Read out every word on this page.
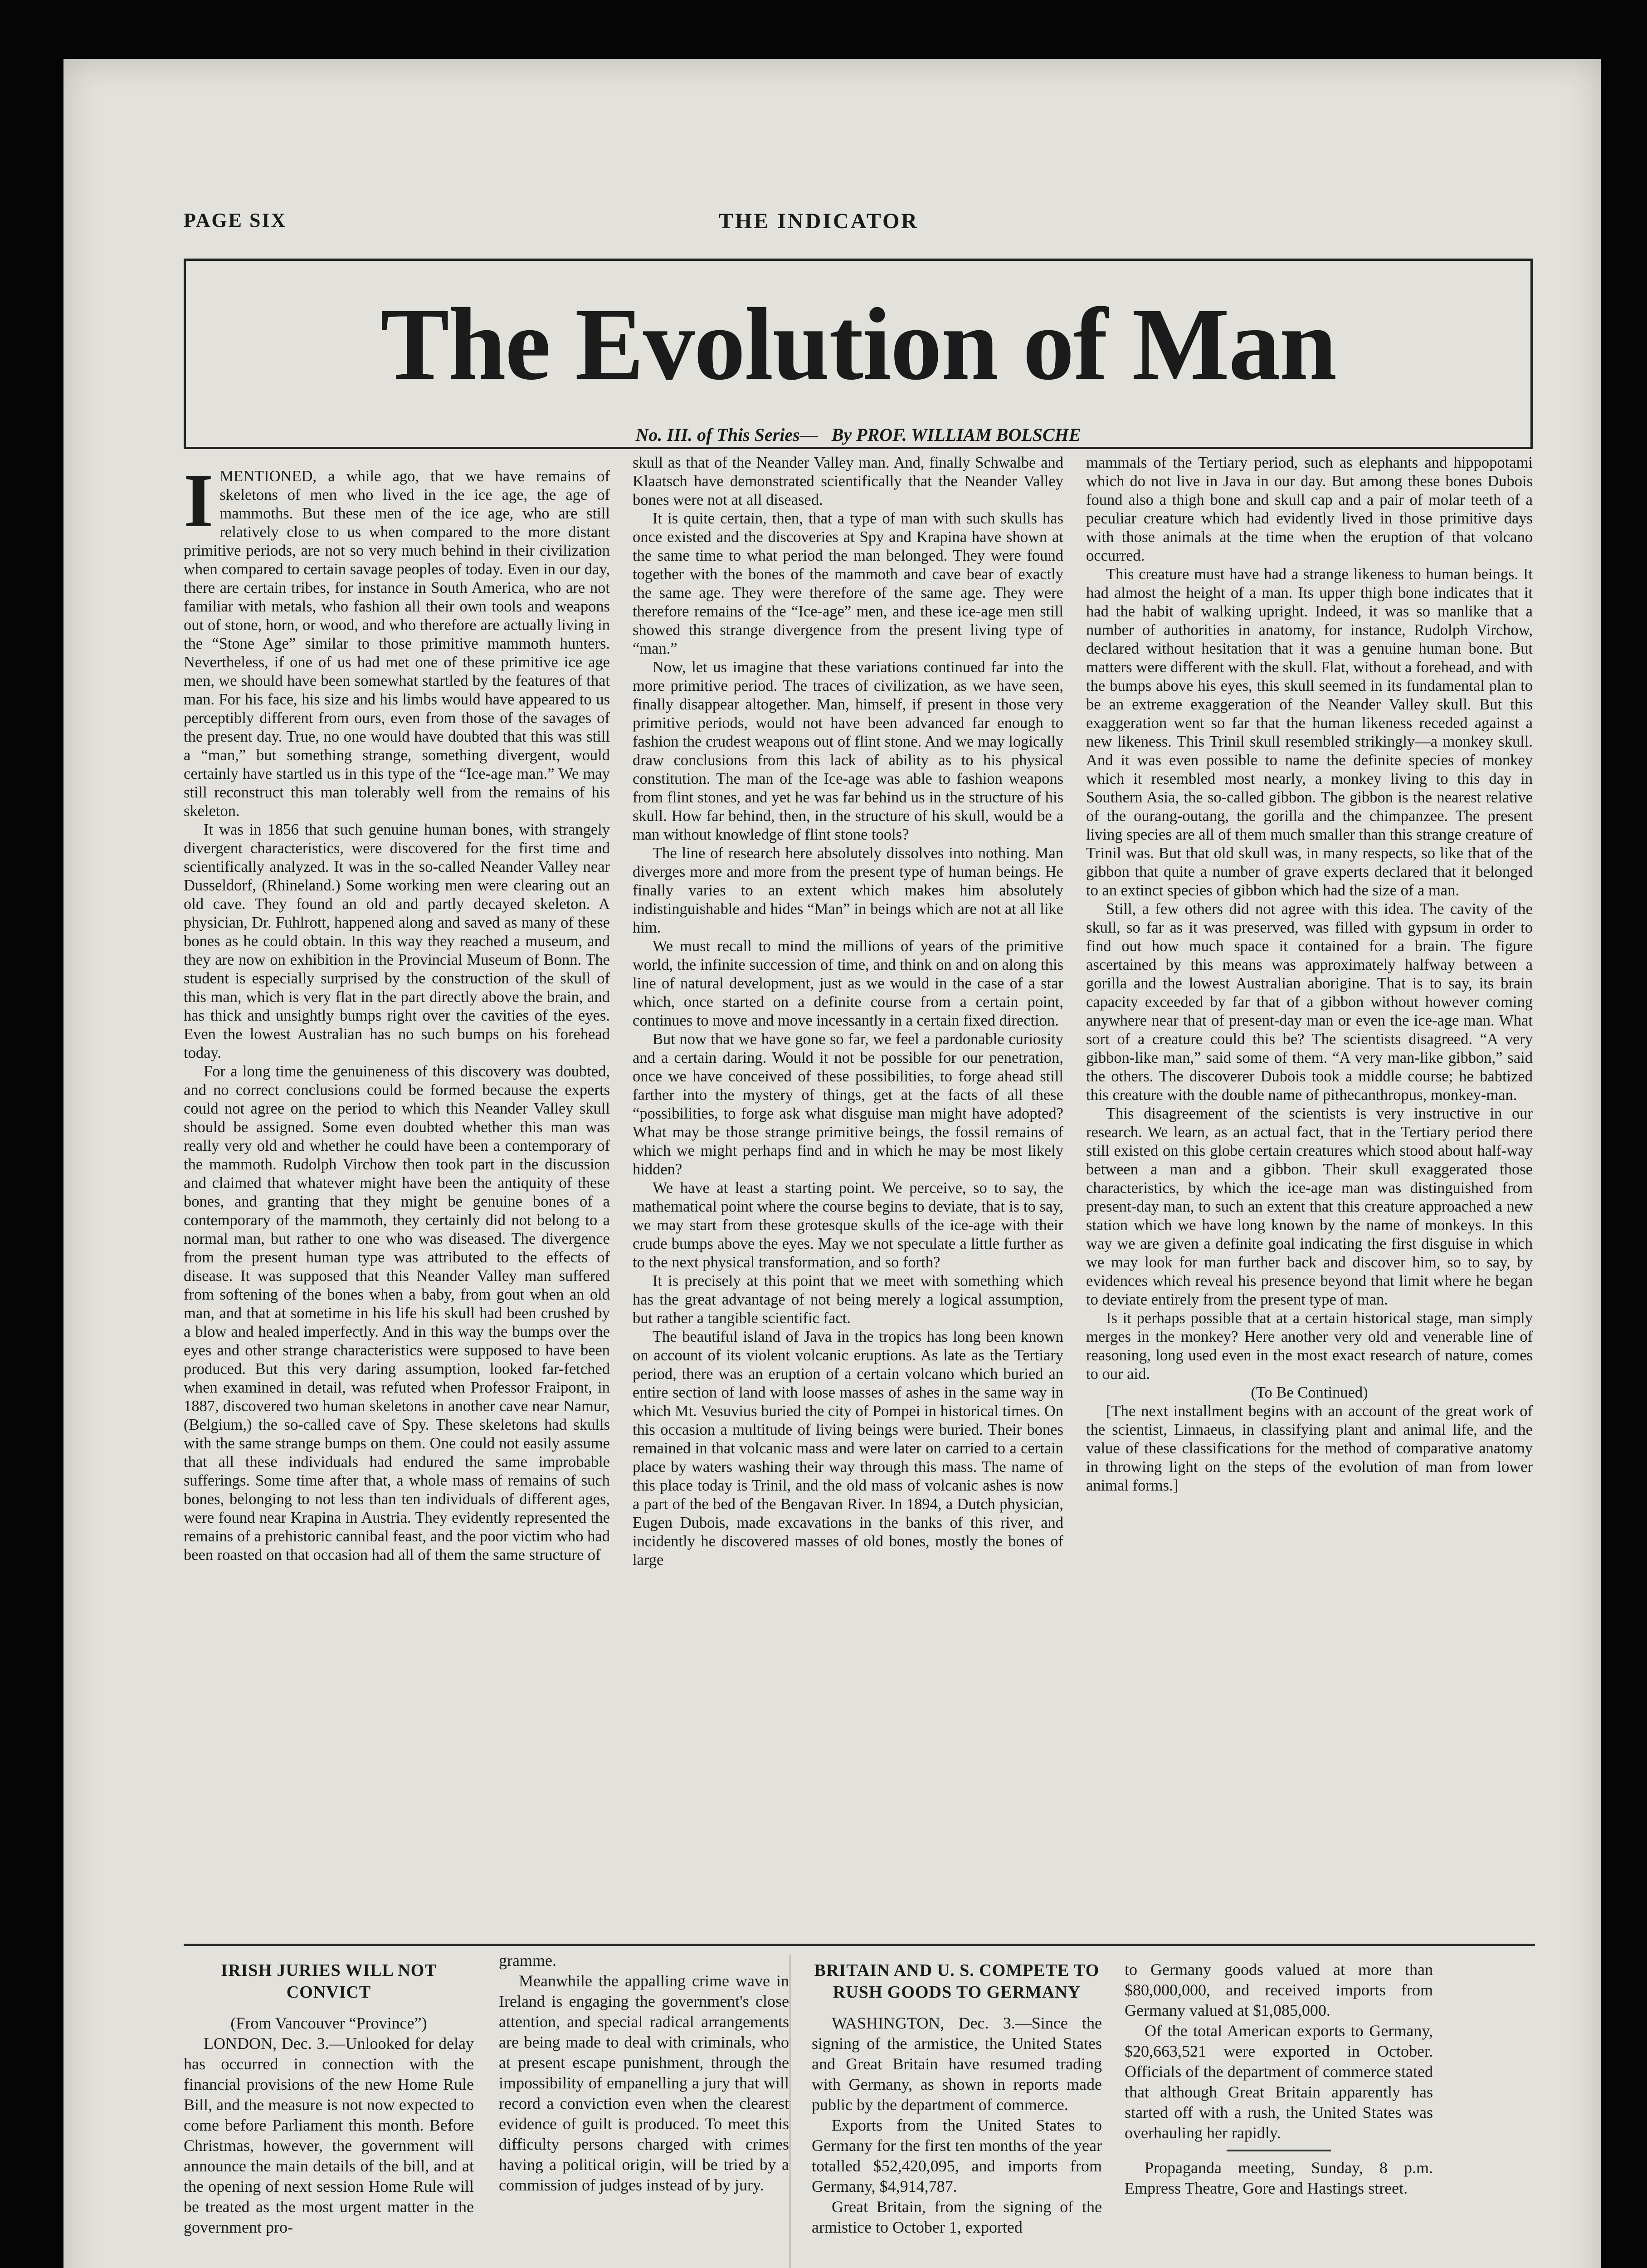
PAGE SIX	THE INDICATOR
The Evolution of Man
No. III. of This Series— By PROF. WILLIAM BOLSCHE

IMENTIONED, a while ago, that we have remains of skeletons of men who lived in the ice age, the age of mammoths. But these men of the ice age, who are still relatively close to us when compared to the more distant primitive periods, are not so very much behind in their civilization when compared to certain savage peoples of today. Even in our day, there are certain tribes, for instance in South America, who are not familiar with metals, who fashion all their own tools and weapons out of stone, horn, or wood, and who therefore are actually living in the “Stone Age” similar to those primitive mammoth hunters. Nevertheless, if one of us had met one of these primitive ice age men, we should have been somewhat startled by the features of that man. For his face, his size and his limbs would have appeared to us perceptibly different from ours, even from those of the savages of the present day. True, no one would have doubted that this was still a “man,” but something strange, something divergent, would certainly have startled us in this type of the “Ice-age man.” We may still reconstruct this man tolerably well from the remains of his skeleton.

It was in 1856 that such genuine human bones, with strangely divergent characteristics, were discovered for the first time and scientifically analyzed. It was in the so-called Neander Valley near Dusseldorf, (Rhineland.) Some working men were clearing out an old cave. They found an old and partly decayed skeleton. A physician, Dr. Fuhlrott, happened along and saved as many of these bones as he could obtain. In this way they reached a museum, and they are now on exhibition in the Provincial Museum of Bonn. The student is especially surprised by the construction of the skull of this man, which is very flat in the part directly above the brain, and has thick and unsightly bumps right over the cavities of the eyes. Even the lowest Australian has no such bumps on his forehead today.

For a long time the genuineness of this discovery was doubted, and no correct conclusions could be formed because the experts could not agree on the period to which this Neander Valley skull should be assigned. Some even doubted whether this man was really very old and whether he could have been a contemporary of the mammoth. Rudolph Virchow then took part in the discussion and claimed that whatever might have been the antiquity of these bones, and granting that they might be genuine bones of a contemporary of the mammoth, they certainly did not belong to a normal man, but rather to one who was diseased. The divergence from the present human type was attributed to the effects of disease. It was supposed that this Neander Valley man suffered from softening of the bones when a baby, from gout when an old man, and that at sometime in his life his skull had been crushed by a blow and healed imperfectly. And in this way the bumps over the eyes and other strange characteristics were supposed to have been produced. But this very daring assumption, looked far-fetched when examined in detail, was refuted when Professor Fraipont, in 1887, discovered two human skeletons in another cave near Namur, (Belgium,) the so-called cave of Spy. These skeletons had skulls with the same strange bumps on them. One could not easily assume that all these individuals had endured the same improbable sufferings. Some time after that, a whole mass of remains of such bones, belonging to not less than ten individuals of different ages, were found near Krapina in Austria. They evidently represented the remains of a prehistoric cannibal feast, and the poor victim who had been roasted on that occasion had all of them the same structure of

skull as that of the Neander Valley man. And, finally Schwalbe and Klaatsch have demonstrated scientifically that the Neander Valley bones were not at all diseased.

It is quite certain, then, that a type of man with such skulls has once existed and the discoveries at Spy and Krapina have shown at the same time to what period the man belonged. They were found together with the bones of the mammoth and cave bear of exactly the same age. They were therefore of the same age. They were therefore remains of the “Ice-age” men, and these ice-age men still showed this strange divergence from the present living type of “man.”

Now, let us imagine that these variations continued far into the more primitive period. The traces of civilization, as we have seen, finally disappear altogether. Man, himself, if present in those very primitive periods, would not have been advanced far enough to fashion the crudest weapons out of flint stone. And we may logically draw conclusions from this lack of ability as to his physical constitution. The man of the Ice-age was able to fashion weapons from flint stones, and yet he was far behind us in the structure of his skull. How far behind, then, in the structure of his skull, would be a man without knowledge of flint stone tools?

The line of research here absolutely dissolves into nothing. Man diverges more and more from the present type of human beings. He finally varies to an extent which makes him absolutely indistinguishable and hides “Man” in beings which are not at all like him.

We must recall to mind the millions of years of the primitive world, the infinite succession of time, and think on and on along this line of natural development, just as we would in the case of a star which, once started on a definite course from a certain point, continues to move and move incessantly in a certain fixed direction.

But now that we have gone so far, we feel a pardonable curiosity and a certain daring. Would it not be possible for our penetration, once we have conceived of these possibilities, to forge ahead still farther into the mystery of things, get at the facts of all these “possibilities, to forge ask what disguise man might have adopted? What may be those strange primitive beings, the fossil remains of which we might perhaps find and in which he may be most likely hidden?

We have at least a starting point. We perceive, so to say, the mathematical point where the course begins to deviate, that is to say, we may start from these grotesque skulls of the ice-age with their crude bumps above the eyes. May we not speculate a little further as to the next physical transformation, and so forth?

It is precisely at this point that we meet with something which has the great advantage of not being merely a logical assumption, but rather a tangible scientific fact.

The beautiful island of Java in the tropics has long been known on account of its violent volcanic eruptions. As late as the Tertiary period, there was an eruption of a certain volcano which buried an entire section of land with loose masses of ashes in the same way in which Mt. Vesuvius buried the city of Pompei in historical times. On this occasion a multitude of living beings were buried. Their bones remained in that volcanic mass and were later on carried to a certain place by waters washing their way through this mass. The name of this place today is Trinil, and the old mass of volcanic ashes is now a part of the bed of the Bengavan River. In 1894, a Dutch physician, Eugen Dubois, made excavations in the banks of this river, and incidently he discovered masses of old bones, mostly the bones of large

mammals of the Tertiary period, such as elephants and hippopotami which do not live in Java in our day. But among these bones Dubois found also a thigh bone and skull cap and a pair of molar teeth of a peculiar creature which had evidently lived in those primitive days with those animals at the time when the eruption of that volcano occurred.

This creature must have had a strange likeness to human beings. It had almost the height of a man. Its upper thigh bone indicates that it had the habit of walking upright. Indeed, it was so manlike that a number of authorities in anatomy, for instance, Rudolph Virchow, declared without hesitation that it was a genuine human bone. But matters were different with the skull. Flat, without a forehead, and with the bumps above his eyes, this skull seemed in its fundamental plan to be an extreme exaggeration of the Neander Valley skull. But this exaggeration went so far that the human likeness receded against a new likeness. This Trinil skull resembled strikingly—a monkey skull. And it was even possible to name the definite species of monkey which it resembled most nearly, a monkey living to this day in Southern Asia, the so-called gibbon. The gibbon is the nearest relative of the ourang-outang, the gorilla and the chimpanzee. The present living species are all of them much smaller than this strange creature of Trinil was. But that old skull was, in many respects, so like that of the gibbon that quite a number of grave experts declared that it belonged to an extinct species of gibbon which had the size of a man.

Still, a few others did not agree with this idea. The cavity of the skull, so far as it was preserved, was filled with gypsum in order to find out how much space it contained for a brain. The figure ascertained by this means was approximately halfway between a gorilla and the lowest Australian aborigine. That is to say, its brain capacity exceeded by far that of a gibbon without however coming anywhere near that of present-day man or even the ice-age man. What sort of a creature could this be? The scientists disagreed. “A very gibbon-like man,” said some of them. “A very man-like gibbon,” said the others. The discoverer Dubois took a middle course; he babtized this creature with the double name of pithecanthropus, monkey-man.

This disagreement of the scientists is very instructive in our research. We learn, as an actual fact, that in the Tertiary period there still existed on this globe certain creatures which stood about half-way between a man and a gibbon. Their skull exaggerated those characteristics, by which the ice-age man was distinguished from present-day man, to such an extent that this creature approached a new station which we have long known by the name of monkeys. In this way we are given a definite goal indicating the first disguise in which we may look for man further back and discover him, so to say, by evidences which reveal his presence beyond that limit where he began to deviate entirely from the present type of man.

Is it perhaps possible that at a certain historical stage, man simply merges in the monkey? Here another very old and venerable line of reasoning, long used even in the most exact research of nature, comes to our aid.

(To Be Continued)

[The next installment begins with an account of the great work of the scientist, Linnaeus, in classifying plant and animal life, and the value of these classifications for the method of comparative anatomy in throwing light on the steps of the evolution of man from lower animal forms.]

IRISH JURIES WILL NOT CONVICT

(From Vancouver “Province”)

LONDON, Dec. 3.—Unlooked for delay has occurred in connection with the financial provisions of the new Home Rule Bill, and the measure is not now expected to come before Parliament this month. Before Christmas, however, the government will announce the main details of the bill, and at the opening of next session Home Rule will be treated as the most urgent matter in the government pro-

gramme.

Meanwhile the appalling crime wave in Ireland is engaging the government's close attention, and special radical arrangements are being made to deal with criminals, who at present escape punishment, through the impossibility of empanelling a jury that will record a conviction even when the clearest evidence of guilt is produced. To meet this difficulty persons charged with crimes having a political origin, will be tried by a commission of judges instead of by jury.

BRITAIN AND U. S. COMPETE TO RUSH GOODS TO GERMANY

WASHINGTON, Dec. 3.—Since the signing of the armistice, the United States and Great Britain have resumed trading with Germany, as shown in reports made public by the department of commerce.

Exports from the United States to Germany for the first ten months of the year totalled $52,420,095, and imports from Germany, $4,914,787.

Great Britain, from the signing of the armistice to October 1, exported

to Germany goods valued at more than $80,000,000, and received imports from Germany valued at $1,085,000.

Of the total American exports to Germany, $20,663,521 were exported in October. Officials of the department of commerce stated that although Great Britain apparently has started off with a rush, the United States was overhauling her rapidly.

Propaganda meeting, Sunday, 8 p.m. Empress Theatre, Gore and Hastings street.
